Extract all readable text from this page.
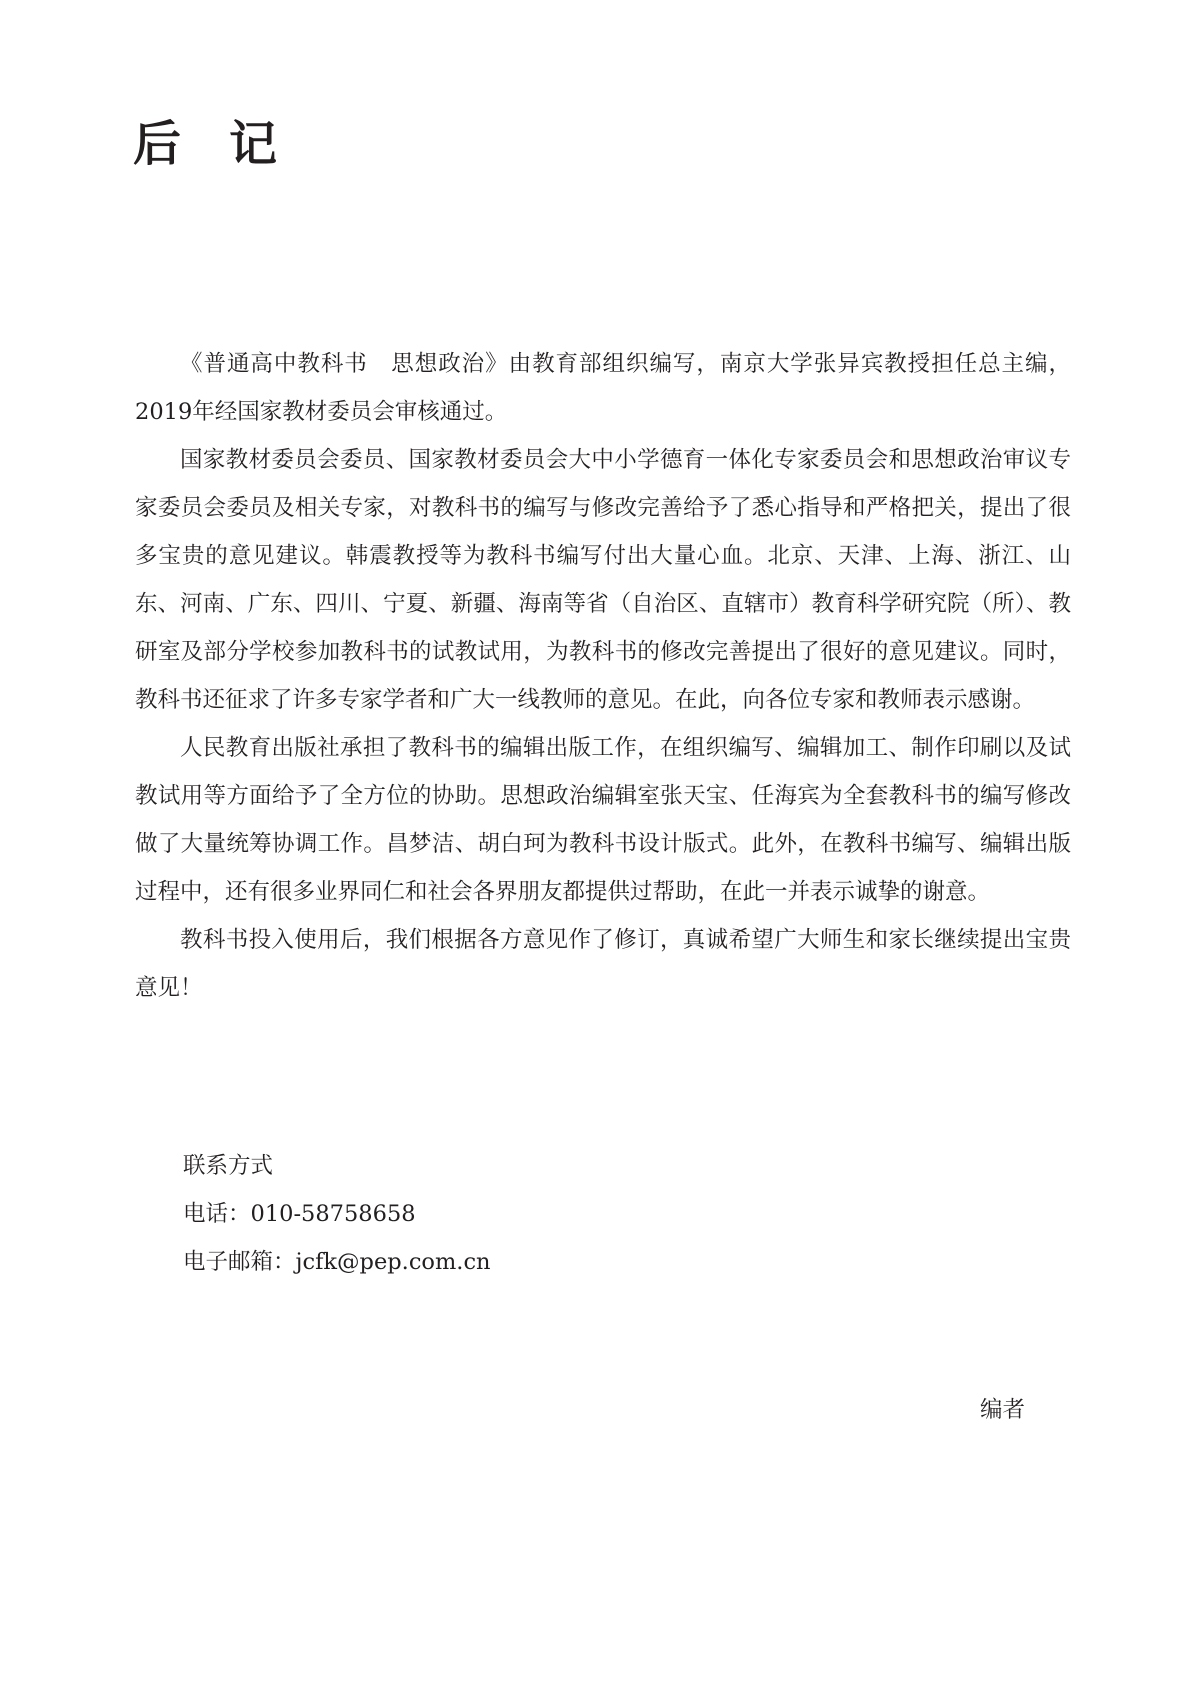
后　记

《普通高中教科书　思想政治》由教育部组织编写，南京大学张异宾教授担任总主编，2019年经国家教材委员会审核通过。

国家教材委员会委员、国家教材委员会大中小学德育一体化专家委员会和思想政治审议专家委员会委员及相关专家，对教科书的编写与修改完善给予了悉心指导和严格把关，提出了很多宝贵的意见建议。韩震教授等为教科书编写付出大量心血。北京、天津、上海、浙江、山东、河南、广东、四川、宁夏、新疆、海南等省（自治区、直辖市）教育科学研究院（所）、教研室及部分学校参加教科书的试教试用，为教科书的修改完善提出了很好的意见建议。同时，教科书还征求了许多专家学者和广大一线教师的意见。在此，向各位专家和教师表示感谢。

人民教育出版社承担了教科书的编辑出版工作，在组织编写、编辑加工、制作印刷以及试教试用等方面给予了全方位的协助。思想政治编辑室张天宝、任海宾为全套教科书的编写修改做了大量统筹协调工作。昌梦洁、胡白珂为教科书设计版式。此外，在教科书编写、编辑出版过程中，还有很多业界同仁和社会各界朋友都提供过帮助，在此一并表示诚挚的谢意。

教科书投入使用后，我们根据各方意见作了修订，真诚希望广大师生和家长继续提出宝贵意见！

联系方式

电话：010-58758658

电子邮箱：jcfk@pep.com.cn

编者
